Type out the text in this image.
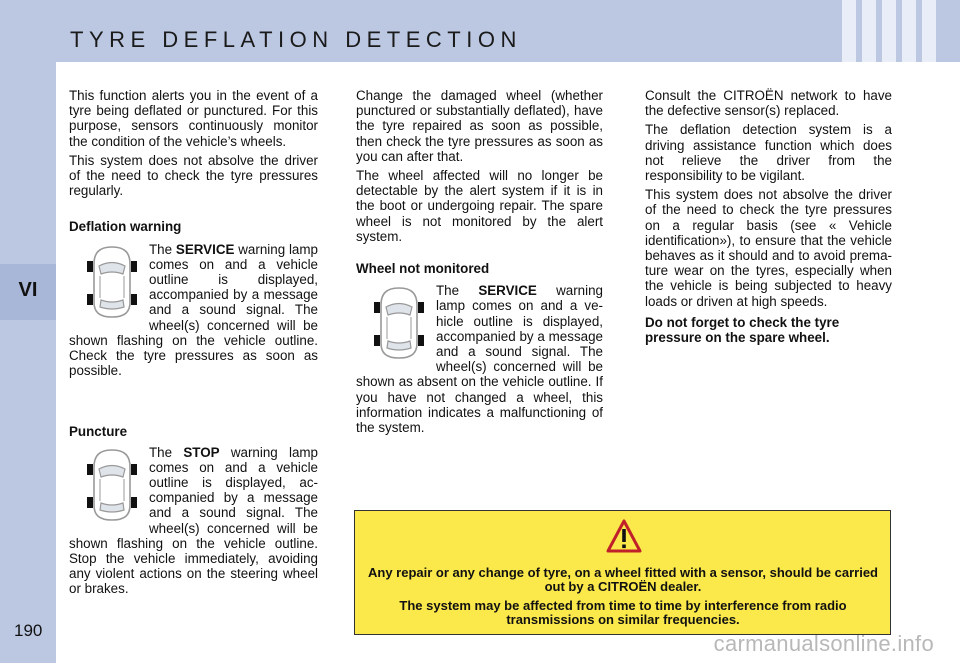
TYRE DEFLATION DETECTION
VI
190

This function alerts you in the event of a tyre being deflated or punctured. For this purpose, sensors continuously monitor the condition of the vehicle’s wheels.

This system does not absolve the driver of the need to check the tyre pressures regularly.

Deflation warning

The SERVICE warning lamp comes on and a vehicle outline is displayed, accompanied by a message and a sound signal. The wheel(s) concerned will be shown flashing on the vehicle outline. Check the tyre pressures as soon as possible.

Puncture

The STOP warning lamp comes on and a vehicle outline is displayed, accompanied by a message and a sound signal. The wheel(s) concerned will be shown flashing on the vehicle outline. Stop the vehicle immediately, avoiding any violent actions on the steering wheel or brakes.

Change the damaged wheel (whether punctured or substantially deflated), have the tyre repaired as soon as possible, then check the tyre pressures as soon as you can after that.

The wheel affected will no longer be detectable by the alert system if it is in the boot or undergoing repair. The spare wheel is not monitored by the alert system.

Wheel not monitored

The SERVICE warning lamp comes on and a vehicle outline is displayed, accompanied by a message and a sound signal. The wheel(s) concerned will be shown as absent on the vehicle outline. If you have not changed a wheel, this information indicates a malfunctioning of the system.

Consult the CITROËN network to have the defective sensor(s) replaced.

The deflation detection system is a driving assistance function which does not relieve the driver from the responsibility to be vigilant.

This system does not absolve the driver of the need to check the tyre pressures on a regular basis (see « Vehicle identification»), to ensure that the vehicle behaves as it should and to avoid premature wear on the tyres, especially when the vehicle is being subjected to heavy loads or driven at high speeds.

Do not forget to check the tyre pressure on the spare wheel.

Any repair or any change of tyre, on a wheel fitted with a sensor, should be carried out by a CITROËN dealer.

The system may be affected from time to time by interference from radio transmissions on similar frequencies.

carmanualsonline.info
